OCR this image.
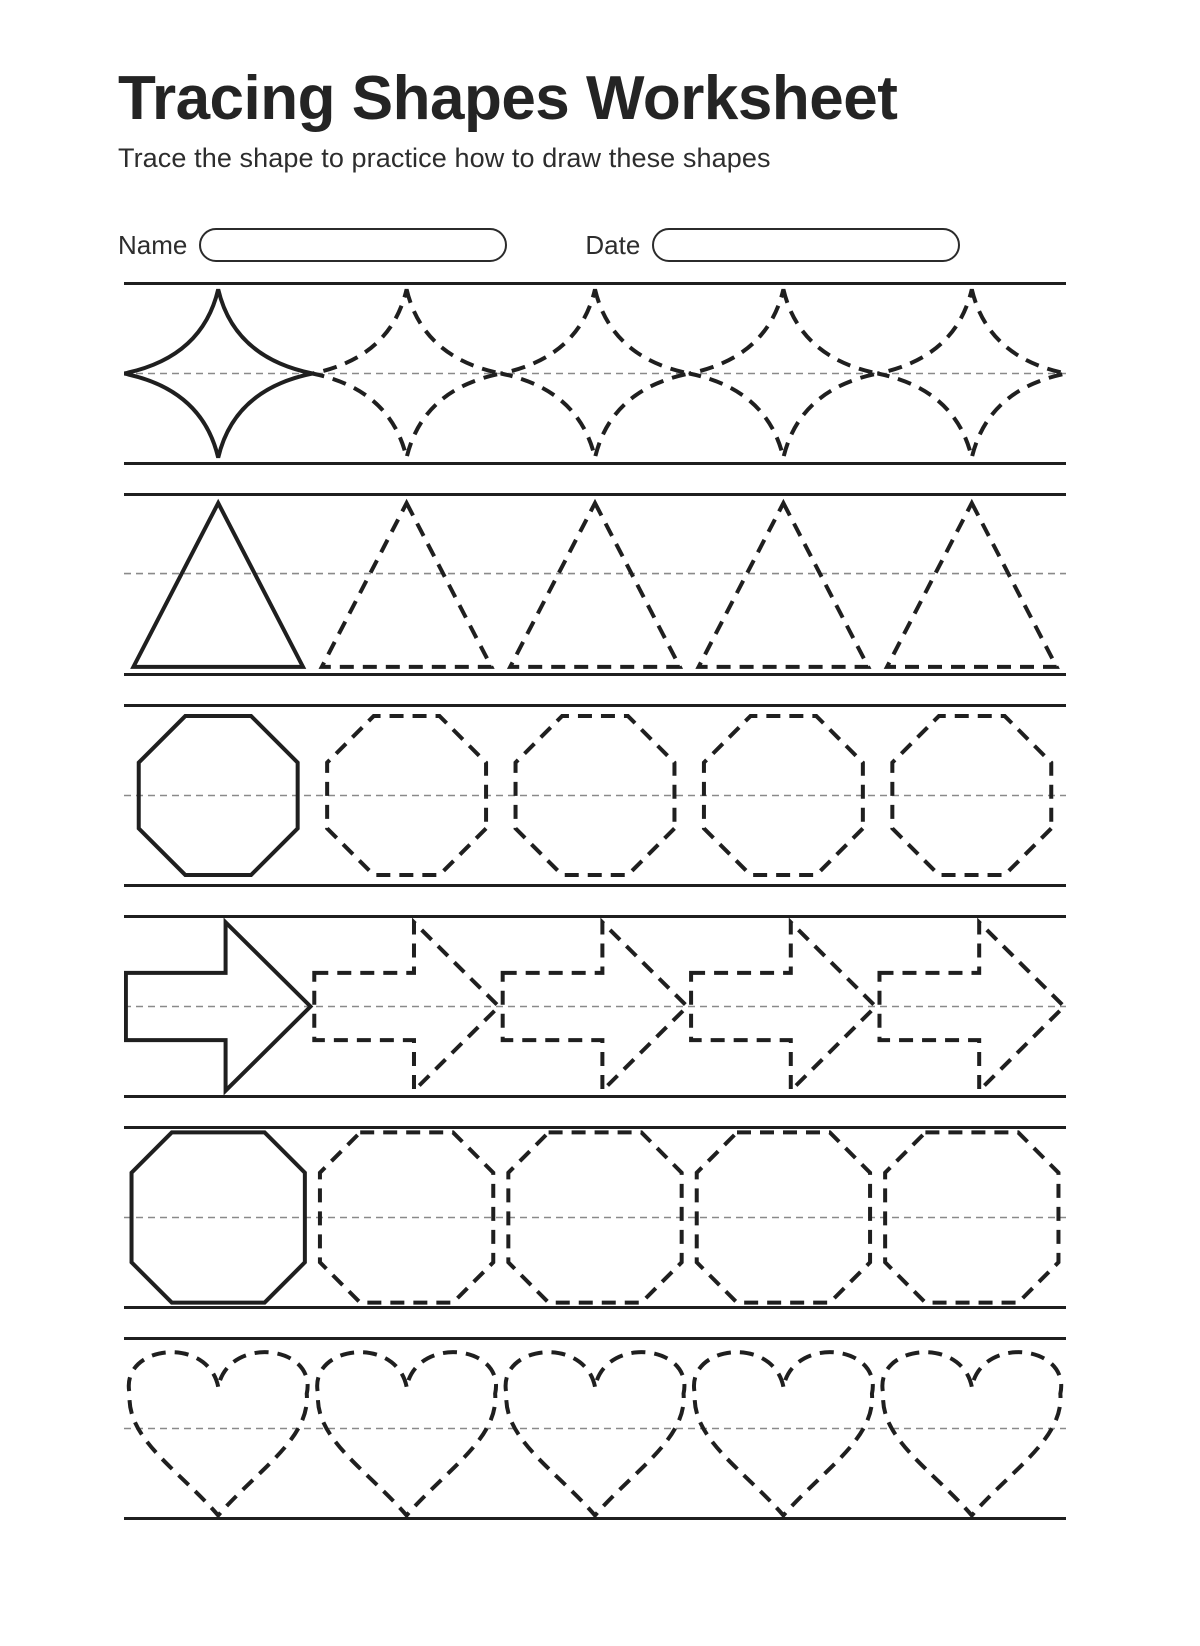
Tracing Shapes Worksheet

Trace the shape to practice how to draw these shapes

Name	Date
